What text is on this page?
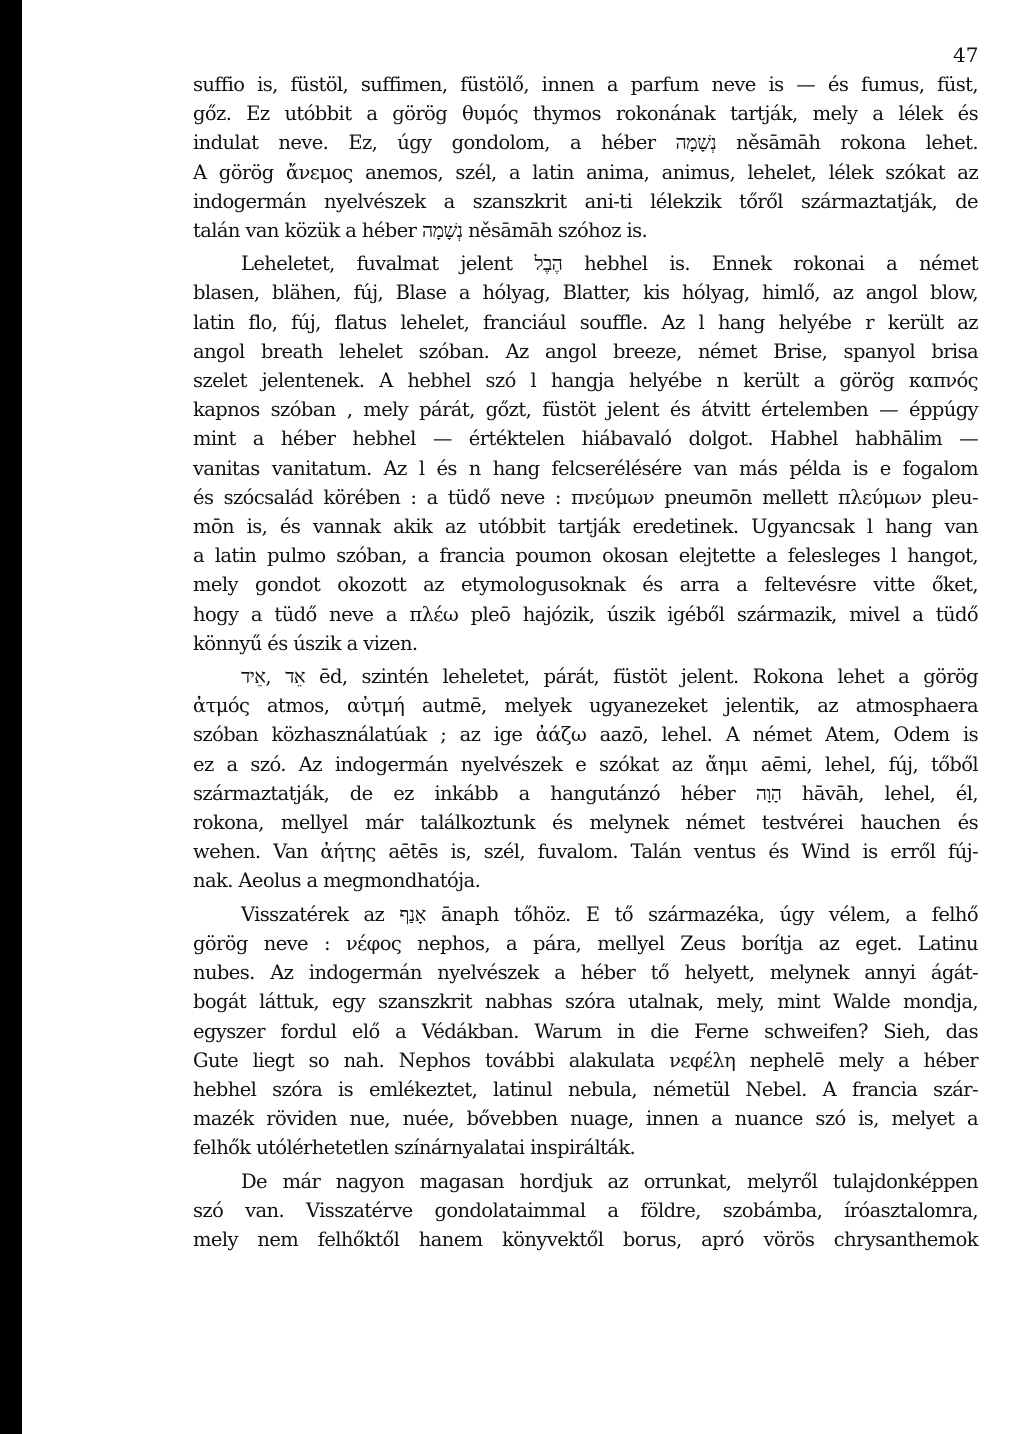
47
suffio is, füstöl, suffimen, füstölő, innen a parfum neve is — és fumus, füst,
gőz. Ez utóbbit a görög θυμός thymos rokonának tartják, mely a lélek és
indulat neve. Ez, úgy gondolom, a héber נְשָׁמָה něsāmāh rokona lehet.
A görög ἄνεμος anemos, szél, a latin anima, animus, lehelet, lélek szókat az
indogermán nyelvészek a szanszkrit ani-ti lélekzik tőről származtatják, de
talán van közük a héber נְשָׁמָה něsāmāh szóhoz is.
Leheletet, fuvalmat jelent הֶבֶל hebhel is. Ennek rokonai a német
blasen, blähen, fúj, Blase a hólyag, Blatter, kis hólyag, himlő, az angol blow,
latin flo, fúj, flatus lehelet, franciául souffle. Az l hang helyébe r került az
angol breath lehelet szóban. Az angol breeze, német Brise, spanyol brisa
szelet jelentenek. A hebhel szó l hangja helyébe n került a görög καπνός
kapnos szóban , mely párát, gőzt, füstöt jelent és átvitt értelemben — éppúgy
mint a héber hebhel — értéktelen hiábavaló dolgot. Habhel habhālim —
vanitas vanitatum. Az l és n hang felcserélésére van más példa is e fogalom
és szócsalád körében : a tüdő neve : πνεύμων pneumōn mellett πλεύμων pleu-
mōn is, és vannak akik az utóbbit tartják eredetinek. Ugyancsak l hang van
a latin pulmo szóban, a francia poumon okosan elejtette a felesleges l hangot,
mely gondot okozott az etymologusoknak és arra a feltevésre vitte őket,
hogy a tüdő neve a πλέω pleō hajózik, úszik igéből származik, mivel a tüdő
könnyű és úszik a vizen.
אֵד ,אֵיד ēd, szintén leheletet, párát, füstöt jelent. Rokona lehet a görög
ἀτμός atmos, αὐτμή autmē, melyek ugyanezeket jelentik, az atmosphaera
szóban közhasználatúak ; az ige ἀάζω aazō, lehel. A német Atem, Odem is
ez a szó. Az indogermán nyelvészek e szókat az ἄημι aēmi, lehel, fúj, tőből
származtatják, de ez inkább a hangutánzó héber הָוָה hāvāh, lehel, él,
rokona, mellyel már találkoztunk és melynek német testvérei hauchen és
wehen. Van ἀήτης aētēs is, szél, fuvalom. Talán ventus és Wind is erről fúj-
nak. Aeolus a megmondhatója.
Visszatérek az אָנַף ānaph tőhöz. E tő származéka, úgy vélem, a felhő
görög neve : νέφος nephos, a pára, mellyel Zeus borítja az eget. Latinu
nubes. Az indogermán nyelvészek a héber tő helyett, melynek annyi ágát-
bogát láttuk, egy szanszkrit nabhas szóra utalnak, mely, mint Walde mondja,
egyszer fordul elő a Védákban. Warum in die Ferne schweifen? Sieh, das
Gute liegt so nah. Nephos további alakulata νεφέλη nephelē mely a héber
hebhel szóra is emlékeztet, latinul nebula, németül Nebel. A francia szár-
mazék röviden nue, nuée, bővebben nuage, innen a nuance szó is, melyet a
felhők utólérhetetlen színárnyalatai inspirálták.
De már nagyon magasan hordjuk az orrunkat, melyről tulajdonképpen
szó van. Visszatérve gondolataimmal a földre, szobámba, íróasztalomra,
mely nem felhőktől hanem könyvektől borus, apró vörös chrysanthemok
